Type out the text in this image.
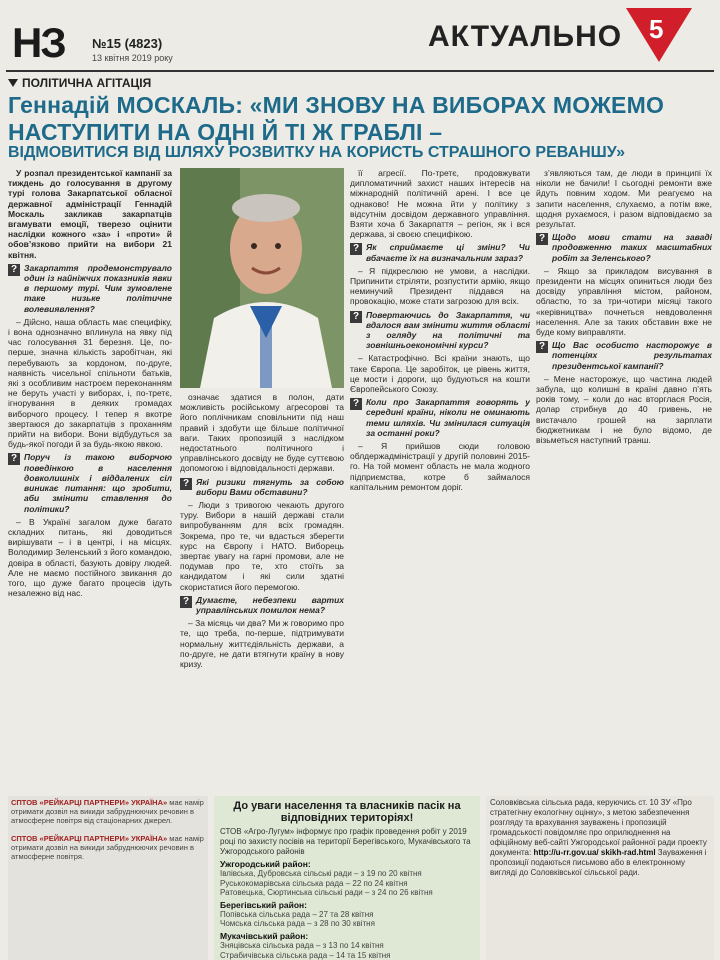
НЗ №15 (4823)
13 квітня 2019 року
АКТУАЛЬНО 5
ПОЛІТИЧНА АГІТАЦІЯ
Геннадій МОСКАЛЬ: «МИ ЗНОВУ НА ВИБОРАХ МОЖЕМО НАСТУПИТИ НА ОДНІ Й ТІ Ж ГРАБЛІ –
ВІДМОВИТИСЯ ВІД ШЛЯХУ РОЗВИТКУ НА КОРИСТЬ СТРАШНОГО РЕВАНШУ»

У розпал президентської кампанії за тиждень до голосування в другому турі голова Закарпатської обласної державної адміністрації Геннадій Москаль закликав закарпатців вгамувати емоції, тверезо оцінити наслідки кожного «за» і «проти» й обов’язково прийти на вибори 21 квітня.

? Закарпаття продемонструвало один із найніжчих показників явки в першому турі. Чим зумовлене таке низьке політичне волевиявлення?

– Дійсно, наша область має специфіку, і вона однозначно вплинула на явку під час голосування 31 березня. Це, по-перше, значна кількість заробітчан, які перебувають за кордоном, по-друге, наявність чисельної спільноти батьків, які з особливим настроєм переконанням не беруть участі у виборах, і, по-третє, ігнорування в деяких громадах виборчого процесу. І тепер я вкотре звертаюся до закарпатців з проханням прийти на вибори. Вони відбудуться за будь-якої погоди й за будь-якою явкою.

? Поруч із такою виборчою поведінкою в населення довколишніх і віддалених сіл виникає питання: що зробити, аби змінити ставлення до політики?

– В Україні загалом дуже багато складних питань, які доводиться вирішувати – і в центрі, і на місцях. Володимир Зеленський з його командою, довіра в області, базують довіру людей. Але не маємо постійного звикання до того, що дуже багато процесів ідуть незалежно від нас.

означає здатися в полон, дати можливість російському агресорові та його поплічникам сповільнити під наш правий і здобути ще більше політичної ваги. Таких пропозицій з наслідком недостатнього політичного і управлінського досвіду не буде суттєвою допомогою і відповідальності держави.

? Які ризики тягнуть за собою вибори Вами обставини?

– Люди з тривогою чекають другого туру. Вибори в нашій державі стали випробуванням для всіх громадян. Зокрема, про те, чи вдасться зберегти курс на Європу і НАТО. Виборець звертає увагу на гарні промови, але не подумав про те, хто стоїть за кандидатом і які сили здатні скористатися його перемогою.

? Думаєте, небезпеки вартих управлінських помилок нема?

– За місяць чи два? Ми ж говоримо про те, що треба, по-перше, підтримувати нормальну життєдіяльність держави, а по-друге, не дати втягнути країну в нову кризу.

її агресії. По-третє, продовжувати дипломатичний захист наших інтересів на міжнародній політичній арені. І все це однаково! Не можна йти у політику з відсутнім досвідом державного управління. Взяти хоча б Закарпаття – регіон, як і вся держава, зі своєю специфікою.

? Як сприймаєте ці зміни? Чи вбачаєте їх на визначальним зараз?

– Я підкреслюю не умови, а наслідки. Припинити стріляти, розпустити армію, якщо неминучий Президент піддався на провокацію, може стати загрозою для всіх.

? Повертаючись до Закарпаття, чи вдалося вам змінити життя області з огляду на політичні та зовнішньоекономічні курси?

– Катастрофічно. Всі країни знають, що таке Європа. Це заробіток, це рівень життя, це мости і дороги, що будуються на кошти Європейського Союзу.

? Коли про Закарпаття говорять у середині країни, ніколи не оминають теми шляхів. Чи змінилася ситуація за останні роки?

– Я прийшов сюди головою облдержадміністрації у другій половині 2015-го. На той момент область не мала жодного підприємства, котре б займалося капітальним ремонтом доріг.

з’являються там, де люди в принципі їх ніколи не бачили! І сьогодні ремонти вже йдуть повним ходом. Ми реагуємо на запити населення, слухаємо, а потім вже, щодня рухаємося, і разом відповідаємо за результат.

? Щодо мови стати на заваді продовженню таких масштабних робіт за Зеленського?

– Якщо за прикладом висування в президенти на місцях опиниться люди без досвіду управління містом, районом, областю, то за три-чотири місяці такого «керівництва» почнеться невдоволення населення. Але за таких обставин вже не буде кому виправляти.

? Що Вас особисто насторожує в потенціях результатах президентської кампанії?

– Мене насторожує, що частина людей забула, що колишні в країні давно п’ять років тому, – коли до нас вторглася Росія, долар стрибнув до 40 гривень, не вистачало грошей на зарплати бюджетникам і не було відомо, де візьметься наступний транш.

СПТОВ «РЕЙКАРЦІ ПАРТНЕРИ» УКРАЇНА» має намір отримати дозвіл на викиди забруднюючих речовин в атмосферне повітря від стаціонарних джерел.

СПТОВ «РЕЙКАРЦІ ПАРТНЕРИ» УКРАЇНА» має намір отримати дозвіл на викиди забруднюючих речовин в атмосферне повітря.
До уваги населення та власників пасік на відповідних територіях!
СТОВ «Агро-Лугум» інформує про графік проведення робіт у 2019 році по захисту посівів на території Берегівського, Мукачівського та Ужгородського районів
Ужгородський район:
Івлівська, Дубровська сільські ради – з 19 по 20 квітня
Руськокомарівська сільська рада – 22 по 24 квітня
Ратовецька, Сюртинська сільські ради – з 24 по 26 квітня
Берегівський район:
Попівська сільська рада – 27 та 28 квітня
Чомська сільська рада – з 28 по 30 квітня
Мукачівський район:
Зняцівська сільська рада – з 13 по 14 квітня
Страбичівська сільська рада – 14 та 15 квітня
Соловківська сільська рада, керуючись ст. 10 ЗУ «Про стратегічну екологічну оцінку», з метою забезпечення розгляду та врахування зауважень і пропозицій громадськості повідомляє про оприлюднення на офіційному веб-сайті Ужгородської районної ради проекту документа: http://u-rr.gov.ua/ skikh-rad.html Зауваження і пропозиції подаються письмово або в електронному вигляді до Соловківської сільської ради.
